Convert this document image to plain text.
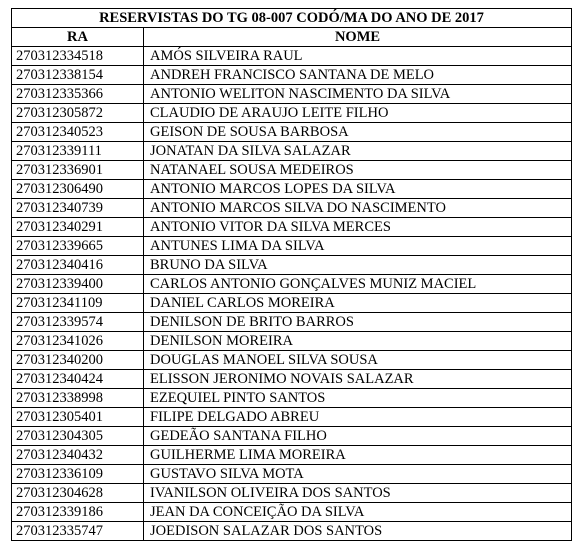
RESERVISTAS DO TG 08-007 CODÓ/MA DO ANO DE 2017	
RA	NOME
270312334518	AMÓS SILVEIRA RAUL
270312338154	ANDREH FRANCISCO SANTANA DE MELO
270312335366	ANTONIO WELITON NASCIMENTO DA SILVA
270312305872	CLAUDIO DE ARAUJO LEITE FILHO
270312340523	GEISON DE SOUSA BARBOSA
270312339111	JONATAN DA SILVA SALAZAR
270312336901	NATANAEL SOUSA MEDEIROS
270312306490	ANTONIO MARCOS LOPES DA SILVA
270312340739	ANTONIO MARCOS SILVA DO NASCIMENTO
270312340291	ANTONIO VITOR DA SILVA MERCES
270312339665	ANTUNES LIMA DA SILVA
270312340416	BRUNO DA SILVA
270312339400	CARLOS ANTONIO GONÇALVES MUNIZ MACIEL
270312341109	DANIEL CARLOS MOREIRA
270312339574	DENILSON DE BRITO BARROS
270312341026	DENILSON MOREIRA
270312340200	DOUGLAS MANOEL SILVA SOUSA
270312340424	ELISSON JERONIMO NOVAIS SALAZAR
270312338998	EZEQUIEL PINTO SANTOS
270312305401	FILIPE DELGADO ABREU
270312304305	GEDEÃO SANTANA FILHO
270312340432	GUILHERME LIMA MOREIRA
270312336109	GUSTAVO SILVA MOTA
270312304628	IVANILSON OLIVEIRA DOS SANTOS
270312339186	JEAN DA CONCEIÇÃO DA SILVA
270312335747	JOEDISON SALAZAR DOS SANTOS
